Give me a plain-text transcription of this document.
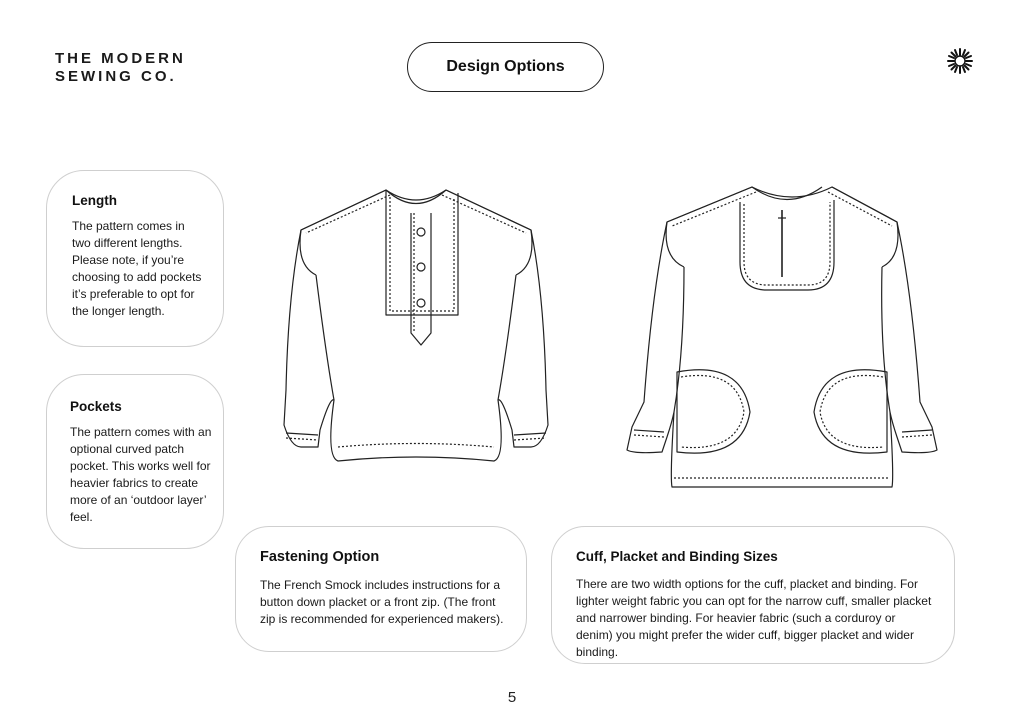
THE MODERN
SEWING CO.
Design Options
Length

The pattern comes in two different lengths. Please note, if you’re choosing to add pockets it’s preferable to opt for the longer length.

Pockets

The pattern comes with an optional curved patch pocket. This works well for heavier fabrics to create more of an ‘outdoor layer’ feel.

Fastening Option

The French Smock includes instructions for a button down placket or a front zip. (The front zip is recommended for experienced makers).

Cuff, Placket and Binding Sizes

There are two width options for the cuff, placket and binding. For lighter weight fabric you can opt for the narrow cuff, smaller placket and narrower binding. For heavier fabric (such a corduroy or denim) you might prefer the wider cuff, bigger placket and wider binding.

5
